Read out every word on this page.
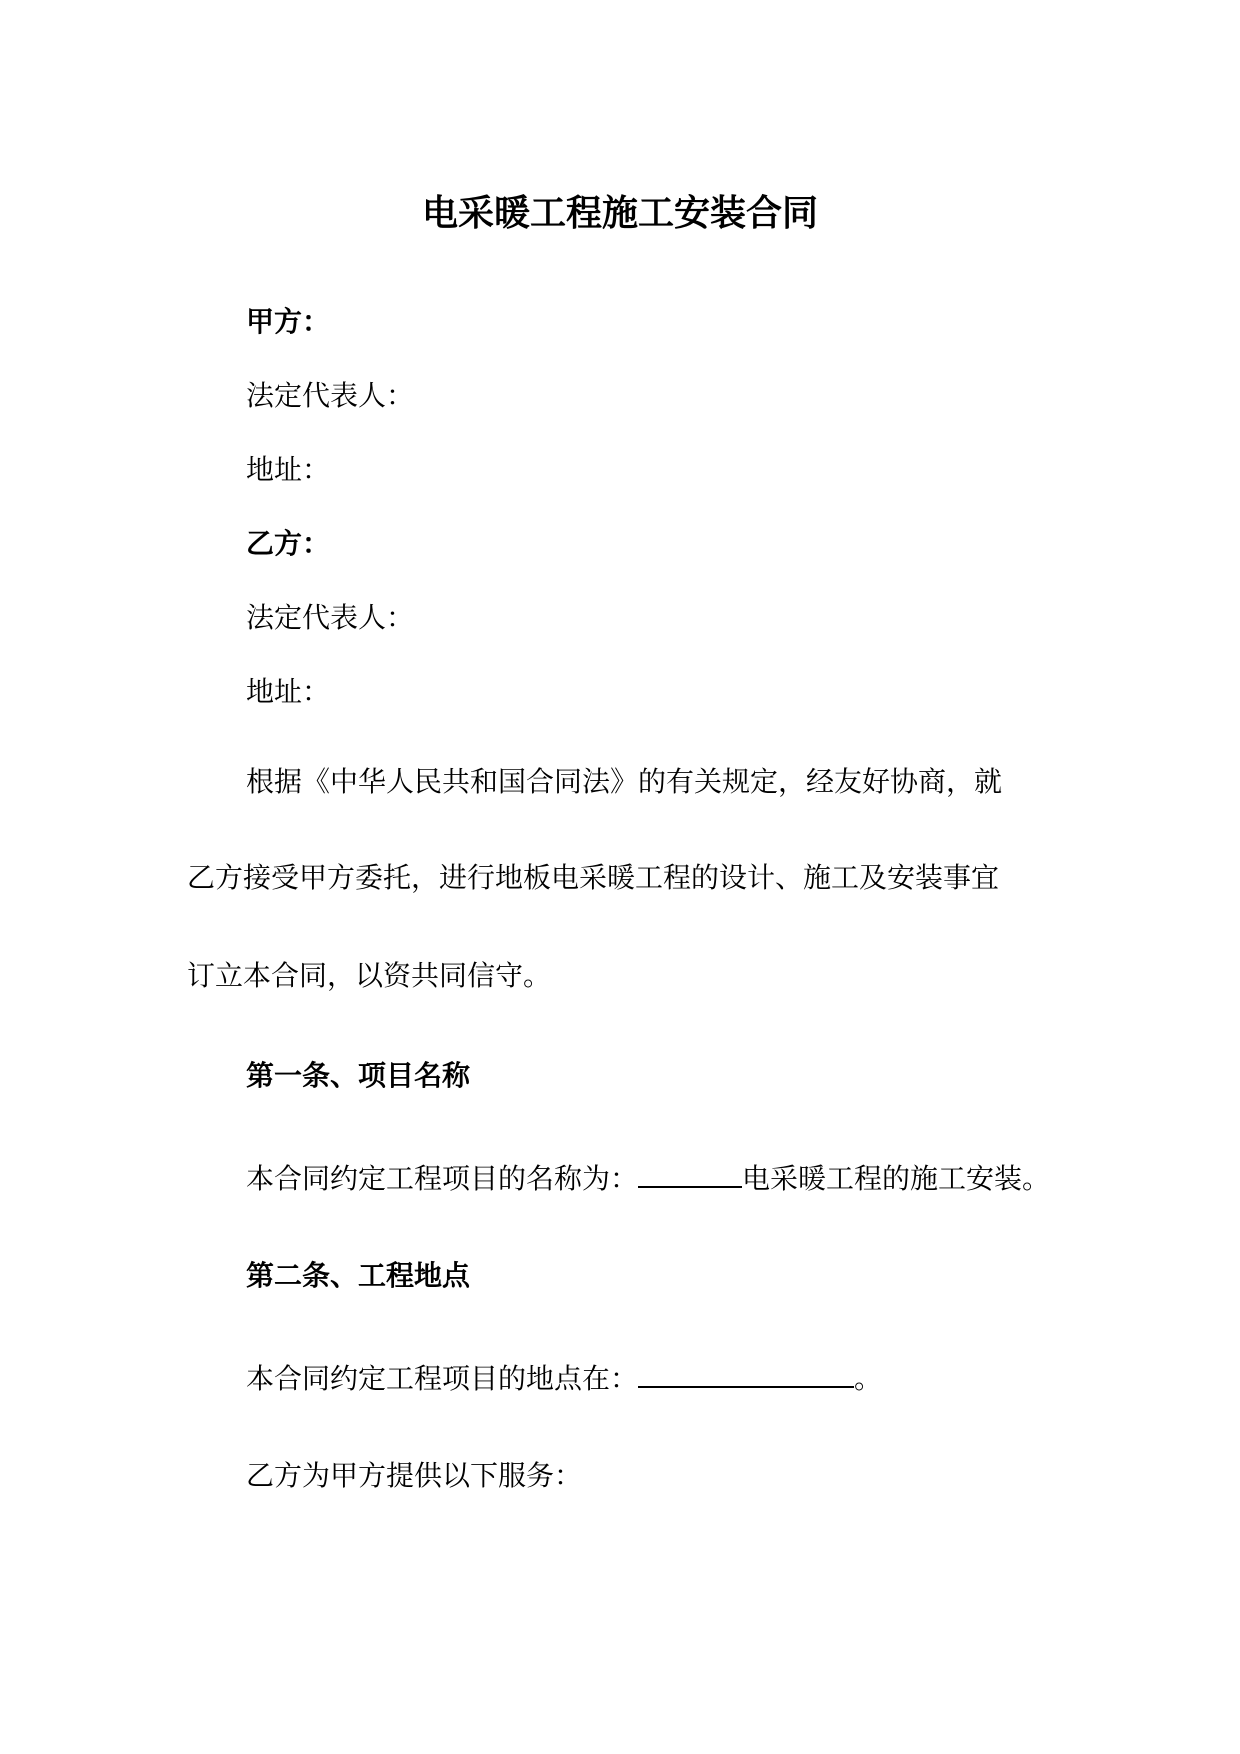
电采暖工程施工安装合同
甲方：
法定代表人：
地址：
乙方：
法定代表人：
地址：
根据《中华人民共和国合同法》的有关规定，经友好协商，就
乙方接受甲方委托，进行地板电采暖工程的设计、施工及安装事宜
订立本合同，以资共同信守。
第一条、项目名称
本合同约定工程项目的名称为：	电采暖工程的施工安装。
第二条、工程地点
本合同约定工程项目的地点在：	。
乙方为甲方提供以下服务：
